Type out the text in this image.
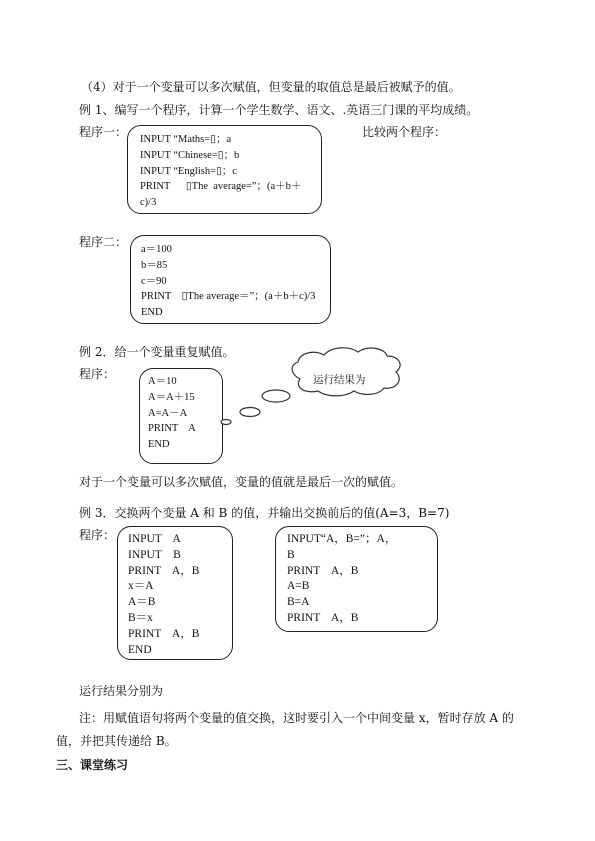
（4）对于一个变量可以多次赋值，但变量的取值总是最后被赋予的值。
例 1、编写一个程序，计算一个学生数学、语文、.英语三门课的平均成绩。
程序一：	比较两个程序：
INPUT “Maths=▯；a
INPUT “Chinese=▯；b
INPUT “English=▯；c
PRINT      ▯The  average=”；(a＋b＋
c)/3
程序二：
a＝100
b＝85
c＝90
PRINT    ▯The average＝”；(a＋b＋c)/3
END
例 2．给一个变量重复赋值。
程序：
A＝10
A＝A＋15
A=A－A
PRINT    A
END
运行结果为
对于一个变量可以多次赋值，变量的值就是最后一次的赋值。
例 3．交换两个变量 A 和 B 的值，并输出交换前后的值(A=3，B=7)
程序： INPUT    A
INPUT    B
PRINT    A，B
x＝A
A＝B
B＝x
PRINT    A，B
END
INPUT“A，B=”；A，
B
PRINT    A，B
A=B
B=A
PRINT    A，B
运行结果分别为
注：用赋值语句将两个变量的值交换，这时要引入一个中间变量 x，暂时存放 A 的
值，并把其传递给 B。
三、课堂练习
